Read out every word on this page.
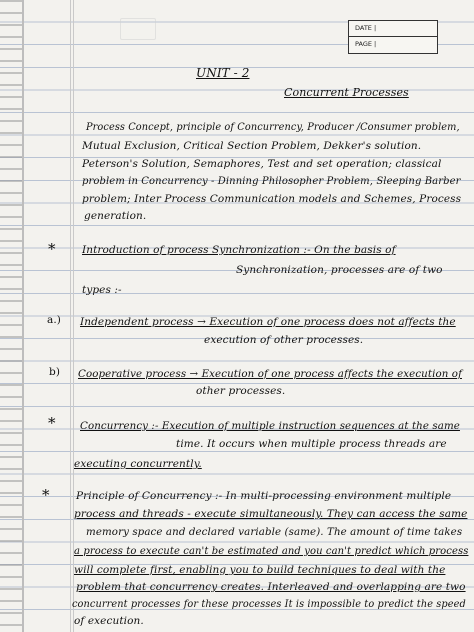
DATE |
PAGE |
UNIT - 2
Concurrent Processes
Process Concept, principle of Concurrency, Producer /Consumer problem,
Mutual Exclusion, Critical Section Problem, Dekker's solution.
Peterson's Solution, Semaphores, Test and set operation; classical
problem in Concurrency - Dinning Philosopher Problem, Sleeping Barber
problem; Inter Process Communication models and Schemes, Process
generation.
*	Introduction of process Synchronization :- On the basis of
Synchronization, processes are of two
types :-
a.) Independent process → Execution of one process does not affects the
execution of other processes.
b) Cooperative process → Execution of one process affects the execution of
other processes.
* Concurrency :- Execution of multiple instruction sequences at the same
time. It occurs when multiple process threads are
executing concurrently.
*	Principle of Concurrency :- In multi-processing environment multiple
process and threads - execute simultaneously. They can access the same
memory space and declared variable (same). The amount of time takes
a process to execute can't be estimated and you can't predict which process
will complete first, enabling you to build techniques to deal with the
problem that concurrency creates. Interleaved and overlapping are two
concurrent processes for these processes It is impossible to predict the speed
of execution.
